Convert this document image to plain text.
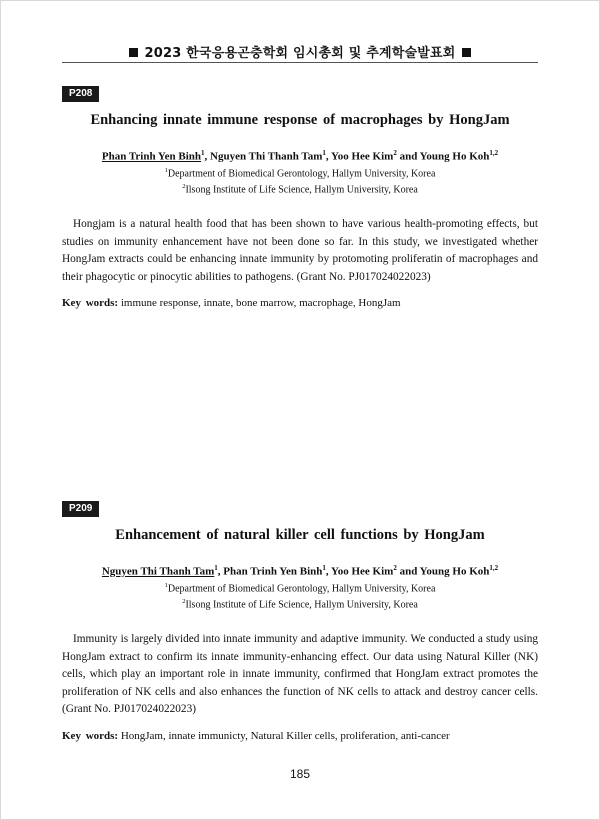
2023 한국응용곤충학회 임시총회 및 추계학술발표회
P208
Enhancing innate immune response of macrophages by HongJam
Phan Trinh Yen Binh$^1$, Nguyen Thi Thanh Tam$^1$, Yoo Hee Kim$^2$ and Young Ho Koh$^{1,2}$
$^1$Department of Biomedical Gerontology, Hallym University, Korea
$^2$Ilsong Institute of Life Science, Hallym University, Korea
Hongjam is a natural health food that has been shown to have various health-promoting effects, but studies on immunity enhancement have not been done so far. In this study, we investigated whether HongJam extracts could be enhancing innate immunity by protomoting proliferatin of macrophages and their phagocytic or pinocytic abilities to pathogens. (Grant No. PJ017024022023)
Key words: immune response, innate, bone marrow, macrophage, HongJam
P209
Enhancement of natural killer cell functions by HongJam
Nguyen Thi Thanh Tam$^1$, Phan Trinh Yen Binh$^1$, Yoo Hee Kim$^2$ and Young Ho Koh$^{1,2}$
$^1$Department of Biomedical Gerontology, Hallym University, Korea
$^2$Ilsong Institute of Life Science, Hallym University, Korea
Immunity is largely divided into innate immunity and adaptive immunity. We conducted a study using HongJam extract to confirm its innate immunity-enhancing effect. Our data using Natural Killer (NK) cells, which play an important role in innate immunity, confirmed that HongJam extract promotes the proliferation of NK cells and also enhances the function of NK cells to attack and destroy cancer cells. (Grant No. PJ017024022023)
Key words: HongJam, innate immunicty, Natural Killer cells, proliferation, anti-cancer
185
